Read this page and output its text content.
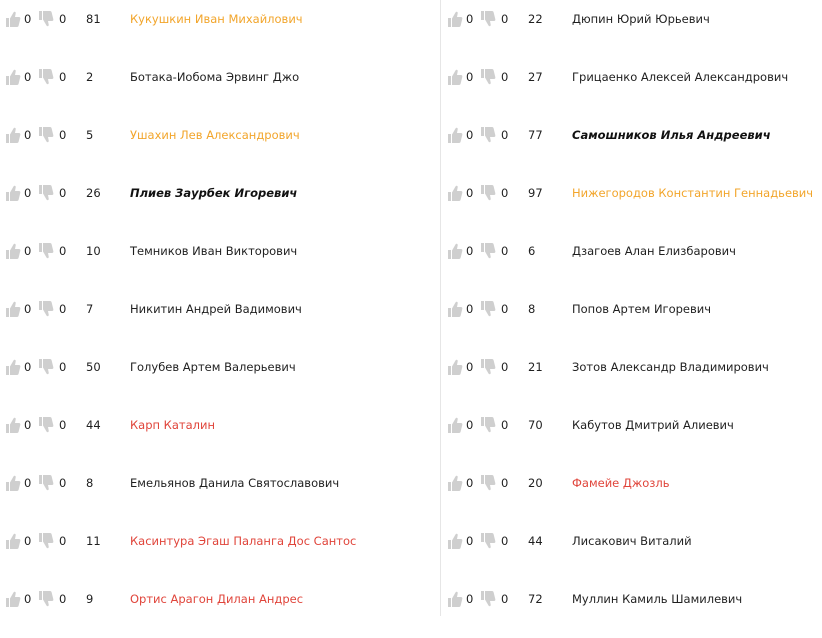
0 0 81	Кукушкин Иван Михайлович
0 0 2	Ботака-Иобома Эрвинг Джо
0 0 5	Ушахин Лев Александрович
0 0 26	Плиев Заурбек Игоревич
0 0 10	Темников Иван Викторович
0 0 7	Никитин Андрей Вадимович
0 0 50	Голубев Артем Валерьевич
0 0 44	Карп Каталин
0 0 8	Емельянов Данила Святославович
0 0 11	Касинтура Эгаш Паланга Дос Сантос
0 0 9	Ортис Арагон Дилан Андрес
0 0 22	Дюпин Юрий Юрьевич
0 0 27	Грицаенко Алексей Александрович
0 0 77	Самошников Илья Андреевич
0 0 97	Нижегородов Константин Геннадьевич
0 0 6	Дзагоев Алан Елизбарович
0 0 8	Попов Артем Игоревич
0 0 21	Зотов Александр Владимирович
0 0 70	Кабутов Дмитрий Алиевич
0 0 20	Фамейе Джозль
0 0 44	Лисакович Виталий
0 0 72	Муллин Камиль Шамилевич
